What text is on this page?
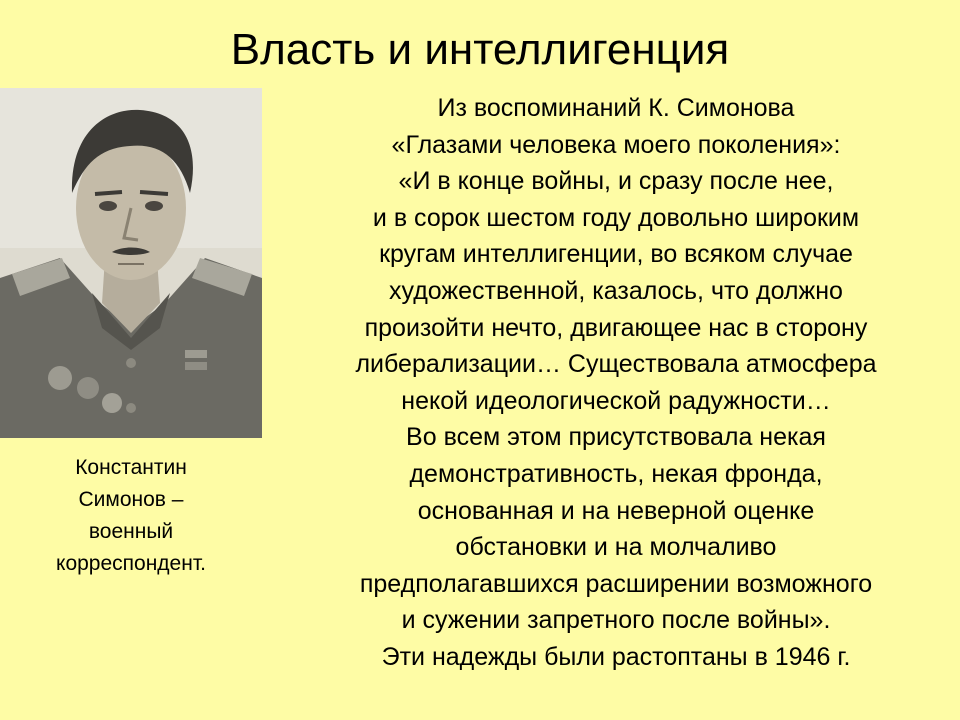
Власть и интеллигенция
Константин
Симонов –
военный
корреспондент.
Из воспоминаний К. Симонова
«Глазами человека моего поколения»:
«И в конце войны, и сразу после нее,
и в сорок шестом году довольно широким
кругам интеллигенции, во всяком случае
художественной, казалось, что должно
произойти нечто, двигающее нас в сторону
либерализации… Существовала атмосфера
некой идеологической радужности…
Во всем этом присутствовала некая
демонстративность, некая фронда,
основанная и на неверной оценке
обстановки и на молчаливо
предполагавшихся расширении возможного
и сужении запретного после войны».
Эти надежды были растоптаны в 1946 г.
